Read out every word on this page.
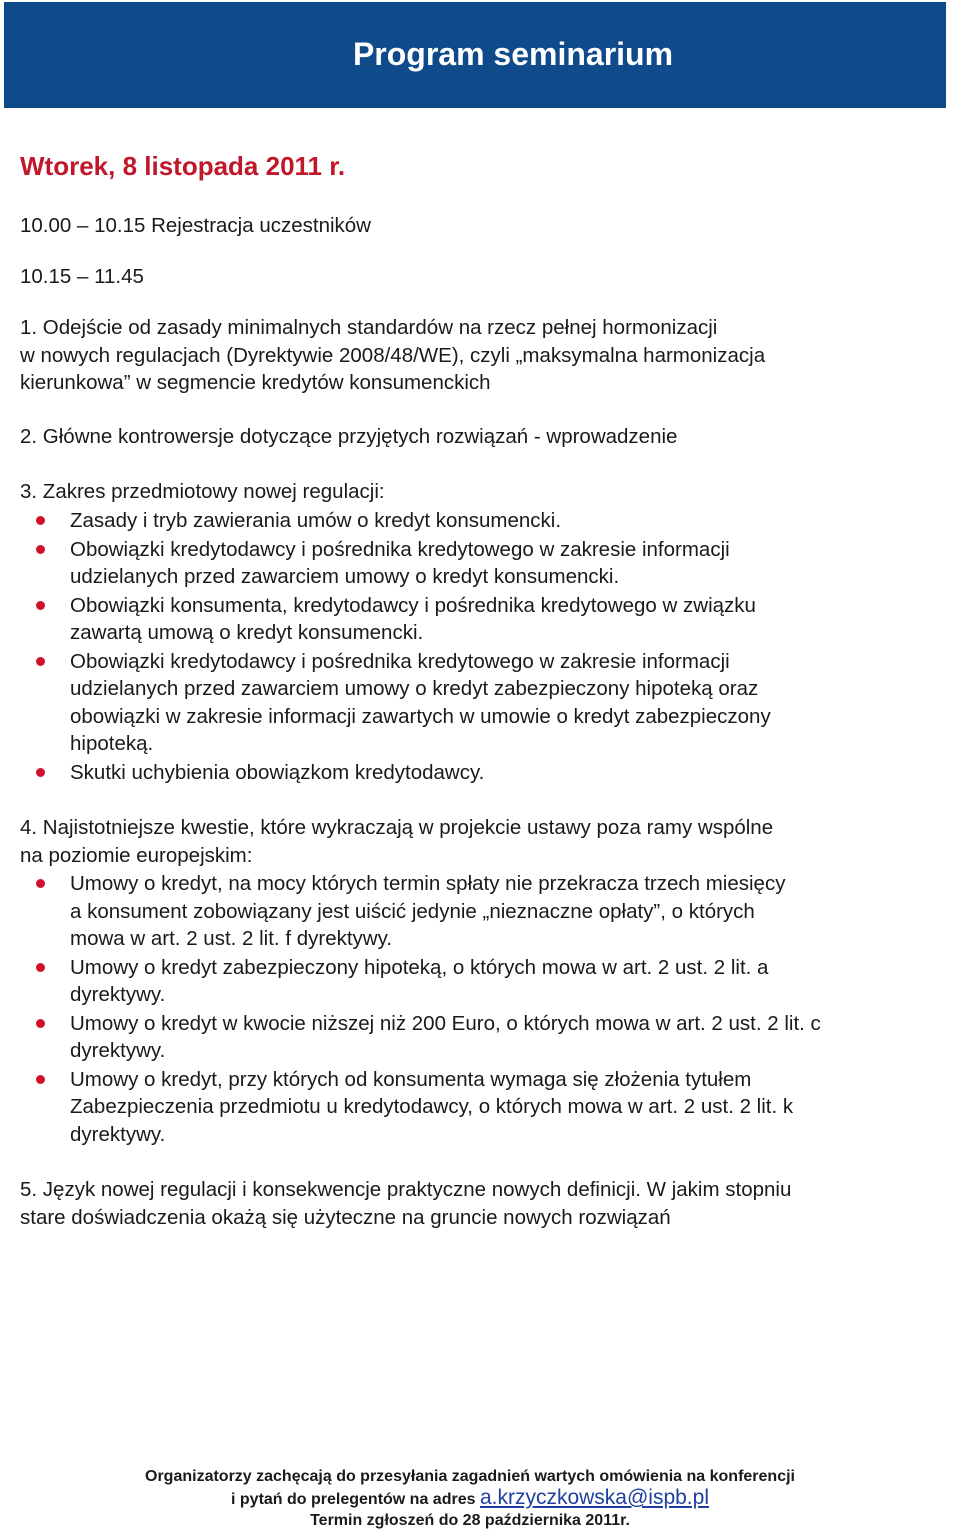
Program seminarium
Wtorek, 8 listopada 2011 r.
10.00 – 10.15 Rejestracja uczestników
10.15 – 11.45
1. Odejście od zasady minimalnych standardów na rzecz pełnej hormonizacji
w nowych regulacjach (Dyrektywie 2008/48/WE), czyli „maksymalna harmonizacja
kierunkowa” w segmencie kredytów konsumenckich
2. Główne kontrowersje dotyczące przyjętych rozwiązań - wprowadzenie
3. Zakres przedmiotowy nowej regulacji:
Zasady i tryb zawierania umów o kredyt konsumencki.
Obowiązki kredytodawcy i pośrednika kredytowego w zakresie informacji
udzielanych przed zawarciem umowy o kredyt konsumencki.
Obowiązki konsumenta, kredytodawcy i pośrednika kredytowego w związku
zawartą umową o kredyt konsumencki.
Obowiązki kredytodawcy i pośrednika kredytowego w zakresie informacji
udzielanych przed zawarciem umowy o kredyt zabezpieczony hipoteką oraz
obowiązki w zakresie informacji zawartych w umowie o kredyt zabezpieczony
hipoteką.
Skutki uchybienia obowiązkom kredytodawcy.
4. Najistotniejsze kwestie, które wykraczają w projekcie ustawy poza ramy wspólne
na poziomie europejskim:
Umowy o kredyt, na mocy których termin spłaty nie przekracza trzech miesięcy
a konsument zobowiązany jest uiścić jedynie „nieznaczne opłaty”, o których
mowa w art. 2 ust. 2 lit. f dyrektywy.
Umowy o kredyt zabezpieczony hipoteką, o których mowa w art. 2 ust. 2 lit. a
dyrektywy.
Umowy o kredyt w kwocie niższej niż 200 Euro, o których mowa w art. 2 ust. 2 lit. c
dyrektywy.
Umowy o kredyt, przy których od konsumenta wymaga się złożenia tytułem
Zabezpieczenia przedmiotu u kredytodawcy, o których mowa w art. 2 ust. 2 lit. k
dyrektywy.
5. Język nowej regulacji i konsekwencje praktyczne nowych definicji. W jakim stopniu
stare doświadczenia okażą się użyteczne na gruncie nowych rozwiązań
Organizatorzy zachęcają do przesyłania zagadnień wartych omówienia na konferencji
i pytań do prelegentów na adres a.krzyczkowska@ispb.pl
Termin zgłoszeń do 28 października 2011r.
